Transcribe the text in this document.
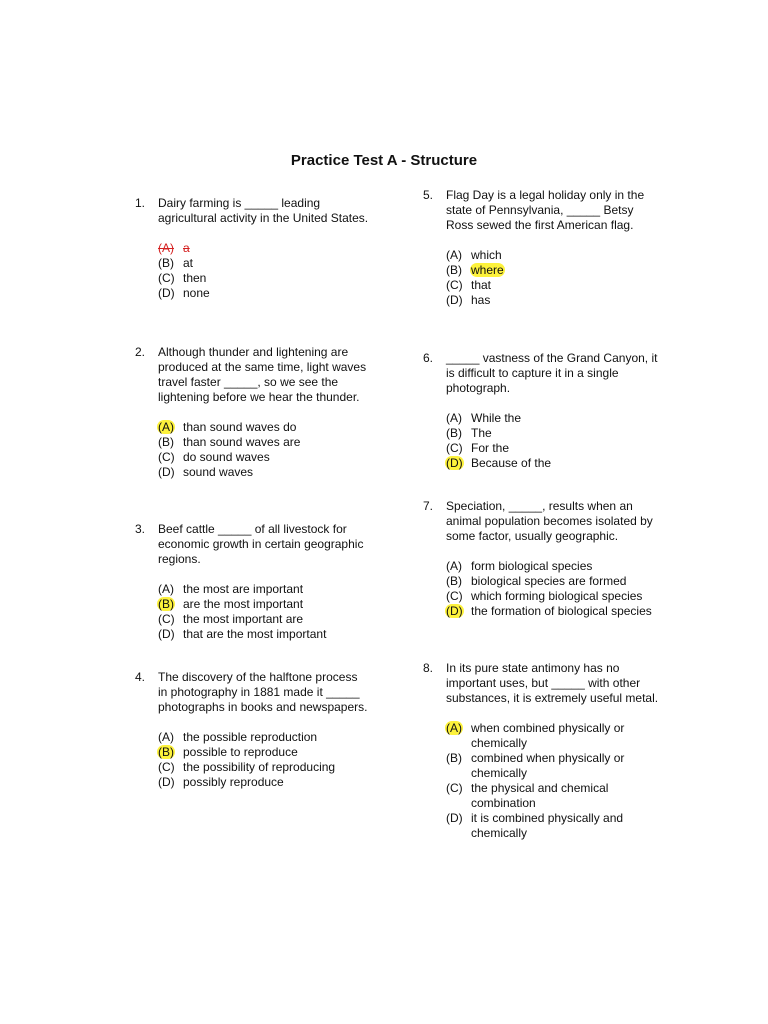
Practice Test A - Structure
1. Dairy farming is _____ leading agricultural activity in the United States.
(A) a
(B) at
(C) then
(D) none
2. Although thunder and lightening are produced at the same time, light waves travel faster _____, so we see the lightening before we hear the thunder.
(A) than sound waves do
(B) than sound waves are
(C) do sound waves
(D) sound waves
3. Beef cattle _____ of all livestock for economic growth in certain geographic regions.
(A) the most are important
(B) are the most important
(C) the most important are
(D) that are the most important
4. The discovery of the halftone process in photography in 1881 made it _____ photographs in books and newspapers.
(A) the possible reproduction
(B) possible to reproduce
(C) the possibility of reproducing
(D) possibly reproduce
5. Flag Day is a legal holiday only in the state of Pennsylvania, _____ Betsy Ross sewed the first American flag.
(A) which
(B) where
(C) that
(D) has
6. _____ vastness of the Grand Canyon, it is difficult to capture it in a single photograph.
(A) While the
(B) The
(C) For the
(D) Because of the
7. Speciation, _____, results when an animal population becomes isolated by some factor, usually geographic.
(A) form biological species
(B) biological species are formed
(C) which forming biological species
(D) the formation of biological species
8. In its pure state antimony has no important uses, but _____ with other substances, it is extremely useful metal.
(A) when combined physically or chemically
(B) combined when physically or chemically
(C) the physical and chemical combination
(D) it is combined physically and chemically
